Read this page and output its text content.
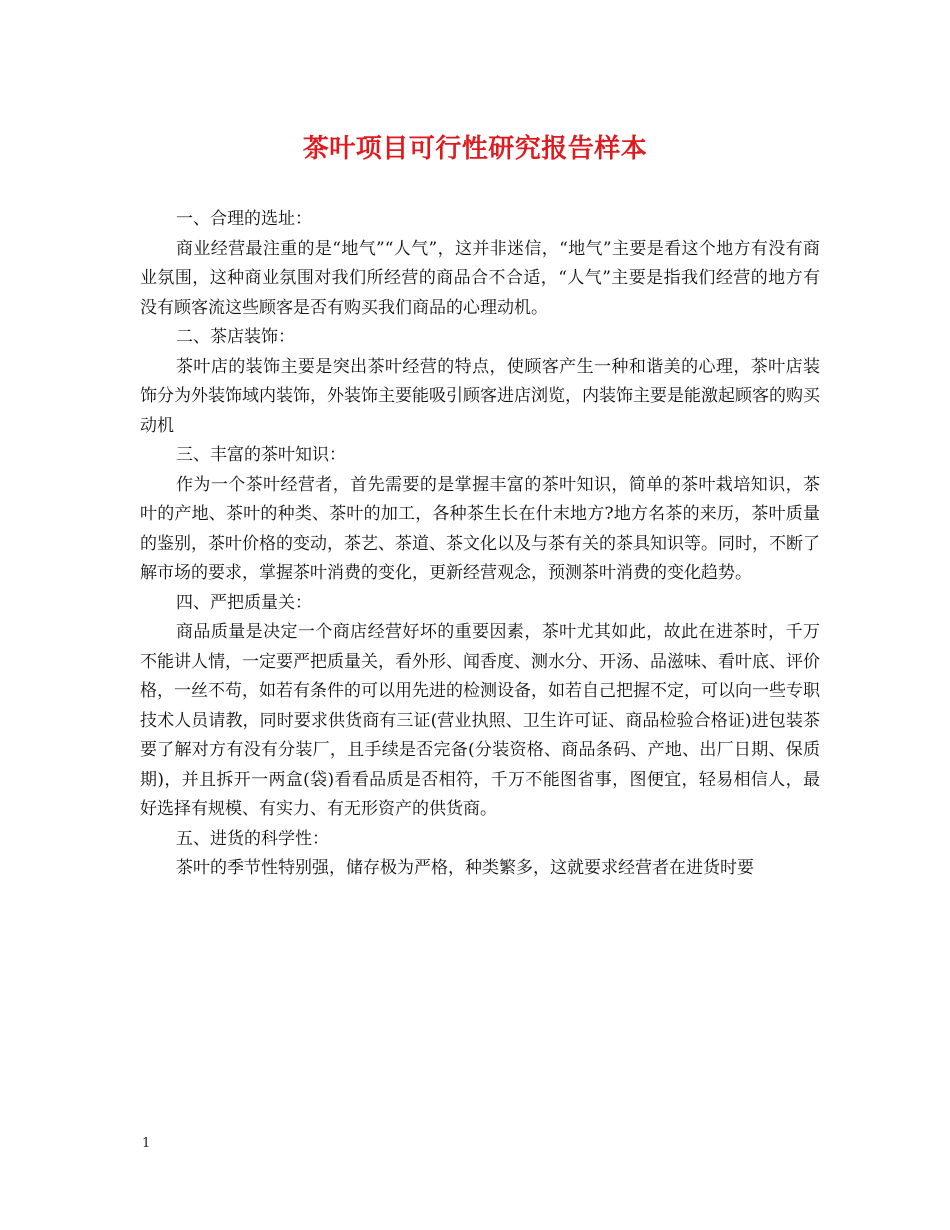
茶叶项目可行性研究报告样本

一、合理的选址：

商业经营最注重的是“地气”“人气”，这并非迷信，“地气”主要是看这个地方有没有商业氛围，这种商业氛围对我们所经营的商品合不合适，“人气”主要是指我们经营的地方有没有顾客流这些顾客是否有购买我们商品的心理动机。

二、茶店装饰：

茶叶店的装饰主要是突出茶叶经营的特点，使顾客产生一种和谐美的心理，茶叶店装饰分为外装饰域内装饰，外装饰主要能吸引顾客进店浏览，内装饰主要是能激起顾客的购买动机

三、丰富的茶叶知识：

作为一个茶叶经营者，首先需要的是掌握丰富的茶叶知识，简单的茶叶栽培知识，茶叶的产地、茶叶的种类、茶叶的加工，各种茶生长在什末地方?地方名茶的来历，茶叶质量的鉴别，茶叶价格的变动，茶艺、茶道、茶文化以及与茶有关的茶具知识等。同时，不断了解市场的要求，掌握茶叶消费的变化，更新经营观念，预测茶叶消费的变化趋势。

四、严把质量关：

商品质量是决定一个商店经营好坏的重要因素，茶叶尤其如此，故此在进茶时，千万不能讲人情，一定要严把质量关，看外形、闻香度、测水分、开汤、品滋味、看叶底、评价格，一丝不苟，如若有条件的可以用先进的检测设备，如若自己把握不定，可以向一些专职技术人员请教，同时要求供货商有三证(营业执照、卫生许可证、商品检验合格证)进包装茶要了解对方有没有分装厂，且手续是否完备(分装资格、商品条码、产地、出厂日期、保质期)，并且拆开一两盒(袋)看看品质是否相符，千万不能图省事，图便宜，轻易相信人，最好选择有规模、有实力、有无形资产的供货商。

五、进货的科学性：

茶叶的季节性特别强，储存极为严格，种类繁多，这就要求经营者在进货时要

1
